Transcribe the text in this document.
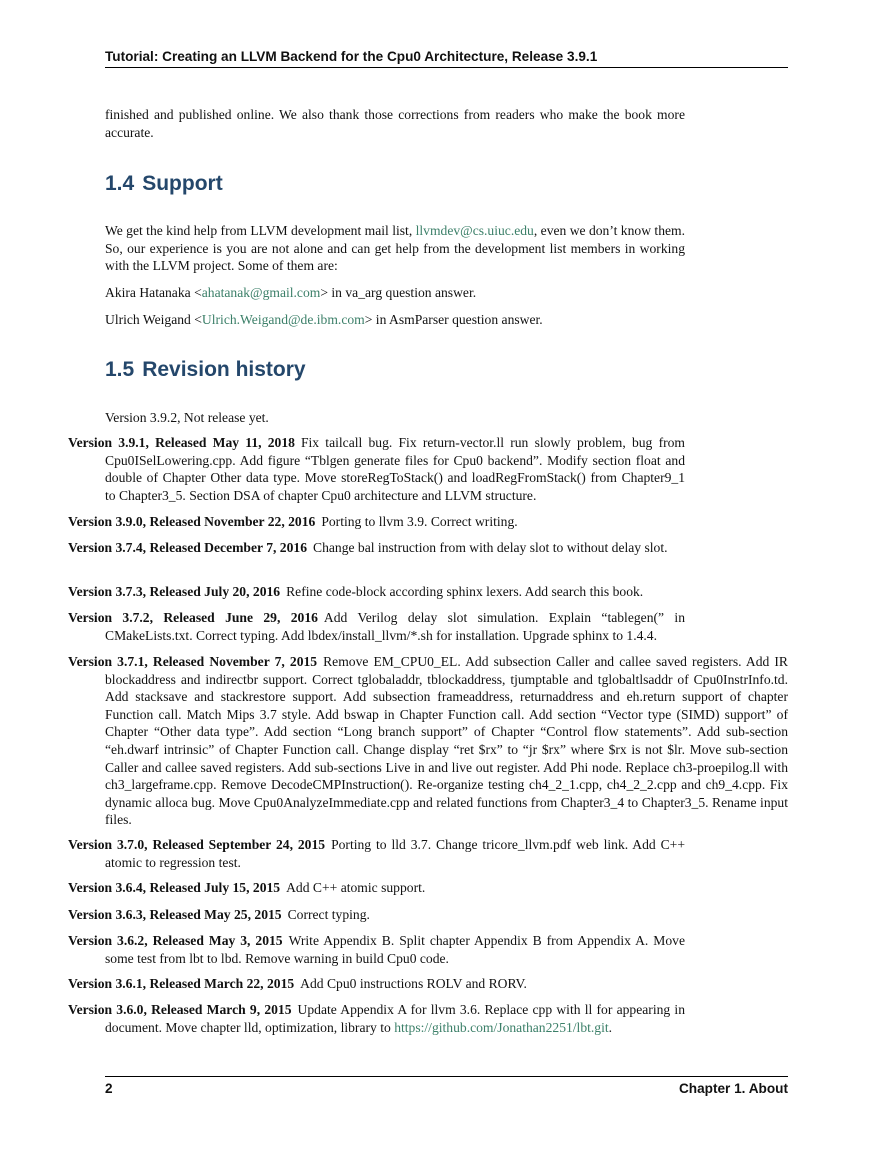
Tutorial: Creating an LLVM Backend for the Cpu0 Architecture, Release 3.9.1

finished and published online. We also thank those corrections from readers who make the book more accurate.

1.4 Support

We get the kind help from LLVM development mail list, llvmdev@cs.uiuc.edu, even we don’t know them. So, our experience is you are not alone and can get help from the development list members in working with the LLVM project. Some of them are:

Akira Hatanaka <ahatanak@gmail.com> in va_arg question answer.

Ulrich Weigand <Ulrich.Weigand@de.ibm.com> in AsmParser question answer.

1.5 Revision history

Version 3.9.2, Not release yet.

Version 3.9.1, Released May 11, 2018 Fix tailcall bug. Fix return-vector.ll run slowly problem, bug from Cpu0ISelLowering.cpp. Add figure “Tblgen generate files for Cpu0 backend”. Modify section float and double of Chapter Other data type. Move storeRegToStack() and loadRegFromStack() from Chapter9_1 to Chapter3_5. Section DSA of chapter Cpu0 architecture and LLVM structure.
Version 3.9.0, Released November 22, 2016 Porting to llvm 3.9. Correct writing.
Version 3.7.4, Released December 7, 2016 Change bal instruction from with delay slot to without delay slot.
Version 3.7.3, Released July 20, 2016 Refine code-block according sphinx lexers. Add search this book.
Version 3.7.2, Released June 29, 2016 Add Verilog delay slot simulation. Explain “tablegen(” in CMakeLists.txt. Correct typing. Add lbdex/install_llvm/*.sh for installation. Upgrade sphinx to 1.4.4.
Version 3.7.1, Released November 7, 2015 Remove EM_CPU0_EL. Add subsection Caller and callee saved registers. Add IR blockaddress and indirectbr support. Correct tglobaladdr, tblockaddress, tjumptable and tglobaltlsaddr of Cpu0InstrInfo.td. Add stacksave and stackrestore support. Add subsection frameaddress, returnaddress and eh.return support of chapter Function call. Match Mips 3.7 style. Add bswap in Chapter Function call. Add section “Vector type (SIMD) support” of Chapter “Other data type”. Add section “Long branch support” of Chapter “Control flow statements”. Add sub-section “eh.dwarf intrinsic” of Chapter Function call. Change display “ret $rx” to “jr $rx” where $rx is not $lr. Move sub-section Caller and callee saved registers. Add sub-sections Live in and live out register. Add Phi node. Replace ch3-proepilog.ll with ch3_largeframe.cpp. Remove DecodeCMPInstruction(). Re-organize testing ch4_2_1.cpp, ch4_2_2.cpp and ch9_4.cpp. Fix dynamic alloca bug. Move Cpu0AnalyzeImmediate.cpp and related functions from Chapter3_4 to Chapter3_5. Rename input files.
Version 3.7.0, Released September 24, 2015 Porting to lld 3.7. Change tricore_llvm.pdf web link. Add C++ atomic to regression test.
Version 3.6.4, Released July 15, 2015 Add C++ atomic support.
Version 3.6.3, Released May 25, 2015 Correct typing.
Version 3.6.2, Released May 3, 2015 Write Appendix B. Split chapter Appendix B from Appendix A. Move some test from lbt to lbd. Remove warning in build Cpu0 code.
Version 3.6.1, Released March 22, 2015 Add Cpu0 instructions ROLV and RORV.
Version 3.6.0, Released March 9, 2015 Update Appendix A for llvm 3.6. Replace cpp with ll for appearing in document. Move chapter lld, optimization, library to https://github.com/Jonathan2251/lbt.git.
2	Chapter 1. About
